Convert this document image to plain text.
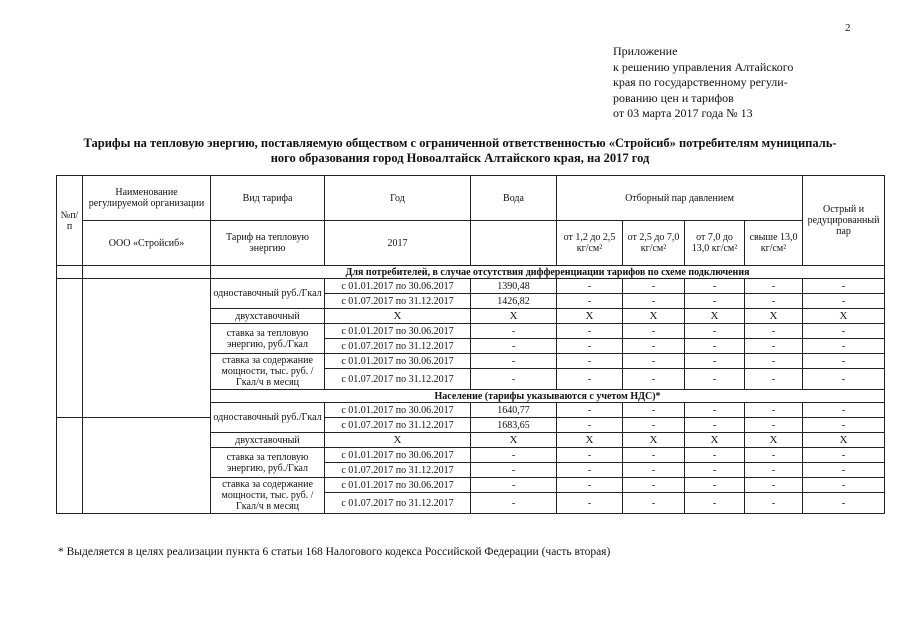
2
Приложение
к решению управления Алтайского
края по государственному регули-
рованию цен и тарифов
от 03 марта 2017 года № 13
Тарифы на тепловую энергию, поставляемую обществом с ограниченной ответственностью «Стройсиб» потребителям муниципаль-
ного образования город Новоалтайск Алтайского края, на 2017 год
№п/п	Наименование регулируемой организации	Вид тарифа	Год	Вода	Отборный пар давлением				Острый и редуцированный пар
	ООО «Стройсиб»	Тариф на тепловую энергию	2017		от 1,2 до 2,5 кг/см²	от 2,5 до 7,0 кг/см²	от 7,0 до 13,0 кг/см²	свыше 13,0 кг/см²	
		Для потребителей, в случае отсутствия дифференциации тарифов по схеме подключения							
		одноставочный руб./Гкал	с 01.01.2017 по 30.06.2017	1390,48	-	-	-	-	-
			с 01.07.2017 по 31.12.2017	1426,82	-	-	-	-	-
		двухставочный	Х	Х	Х	Х	Х	Х	Х
		ставка за тепловую энергию, руб./Гкал	с 01.01.2017 по 30.06.2017	-	-	-	-	-	-
			с 01.07.2017 по 31.12.2017	-	-	-	-	-	-
		ставка за содержание мощности, тыс. руб. /Гкал/ч в месяц	с 01.01.2017 по 30.06.2017	-	-	-	-	-	-
			с 01.07.2017 по 31.12.2017	-	-	-	-	-	-
		Население (тарифы указываются с учетом НДС)*							
		одноставочный руб./Гкал	с 01.01.2017 по 30.06.2017	1640,77	-	-	-	-	-
			с 01.07.2017 по 31.12.2017	1683,65	-	-	-	-	-
		двухставочный	Х	Х	Х	Х	Х	Х	Х
		ставка за тепловую энергию, руб./Гкал	с 01.01.2017 по 30.06.2017	-	-	-	-	-	-
			с 01.07.2017 по 31.12.2017	-	-	-	-	-	-
		ставка за содержание мощности, тыс. руб. /Гкал/ч в месяц	с 01.01.2017 по 30.06.2017	-	-	-	-	-	-
			с 01.07.2017 по 31.12.2017	-	-	-	-	-	-
* Выделяется в целях реализации пункта 6 статьи 168 Налогового кодекса Российской Федерации (часть вторая)
